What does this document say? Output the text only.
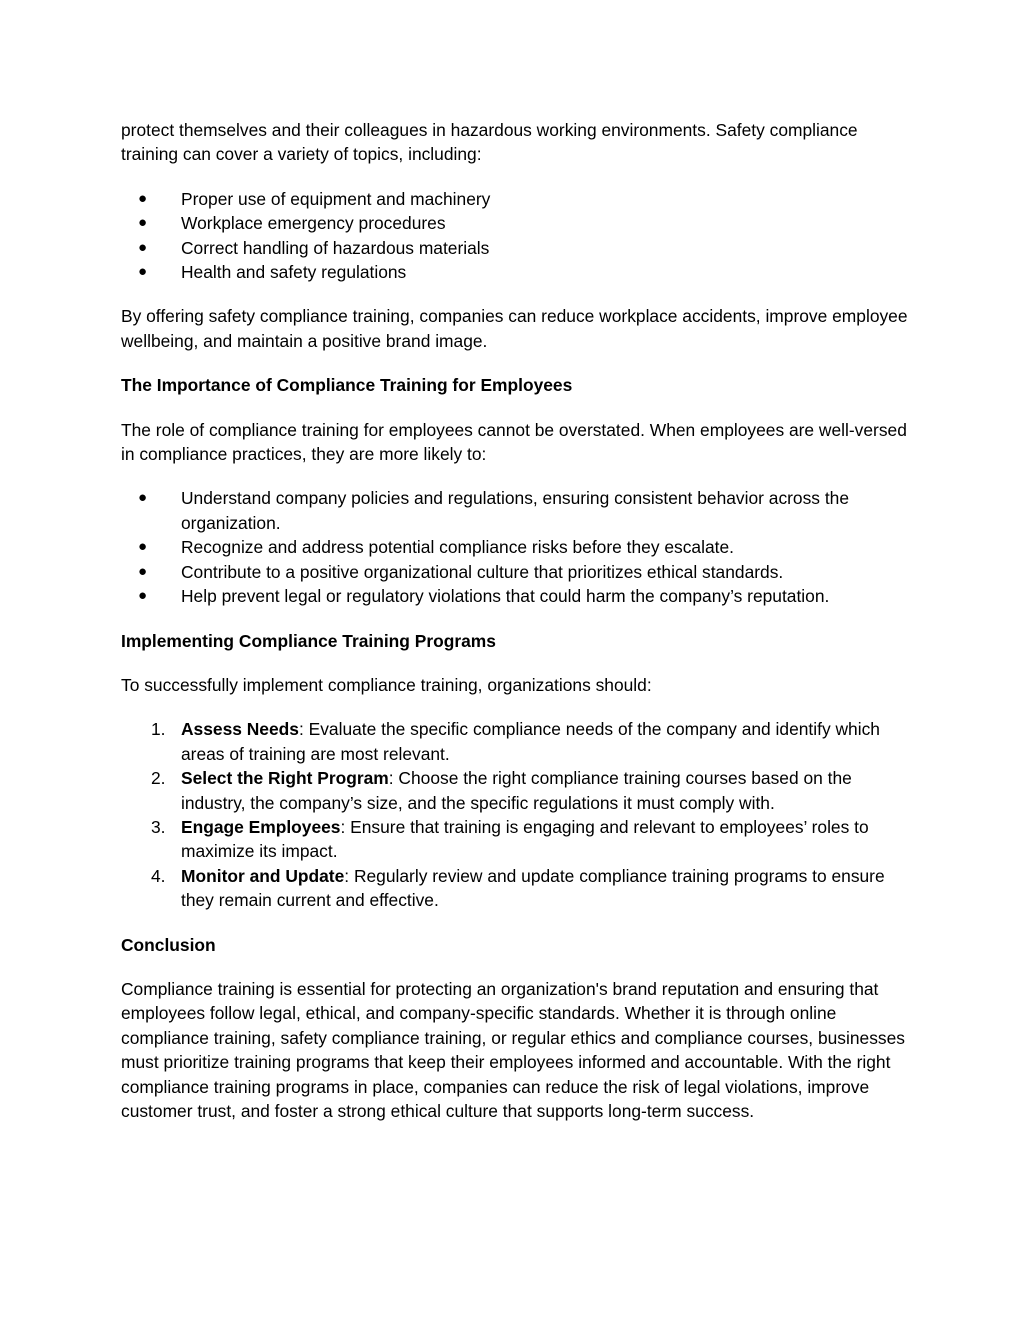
protect themselves and their colleagues in hazardous working environments. Safety compliance training can cover a variety of topics, including:

● Proper use of equipment and machinery
● Workplace emergency procedures
● Correct handling of hazardous materials
● Health and safety regulations

By offering safety compliance training, companies can reduce workplace accidents, improve employee wellbeing, and maintain a positive brand image.

The Importance of Compliance Training for Employees

The role of compliance training for employees cannot be overstated. When employees are well-versed in compliance practices, they are more likely to:

● Understand company policies and regulations, ensuring consistent behavior across the organization.
● Recognize and address potential compliance risks before they escalate.
● Contribute to a positive organizational culture that prioritizes ethical standards.
● Help prevent legal or regulatory violations that could harm the company’s reputation.
Implementing Compliance Training Programs

To successfully implement compliance training, organizations should:

1. Assess Needs: Evaluate the specific compliance needs of the company and identify which areas of training are most relevant.
2. Select the Right Program: Choose the right compliance training courses based on the industry, the company’s size, and the specific regulations it must comply with.
3. Engage Employees: Ensure that training is engaging and relevant to employees’ roles to maximize its impact.
4. Monitor and Update: Regularly review and update compliance training programs to ensure they remain current and effective.
Conclusion

Compliance training is essential for protecting an organization's brand reputation and ensuring that employees follow legal, ethical, and company-specific standards. Whether it is through online compliance training, safety compliance training, or regular ethics and compliance courses, businesses must prioritize training programs that keep their employees informed and accountable. With the right compliance training programs in place, companies can reduce the risk of legal violations, improve customer trust, and foster a strong ethical culture that supports long-term success.
